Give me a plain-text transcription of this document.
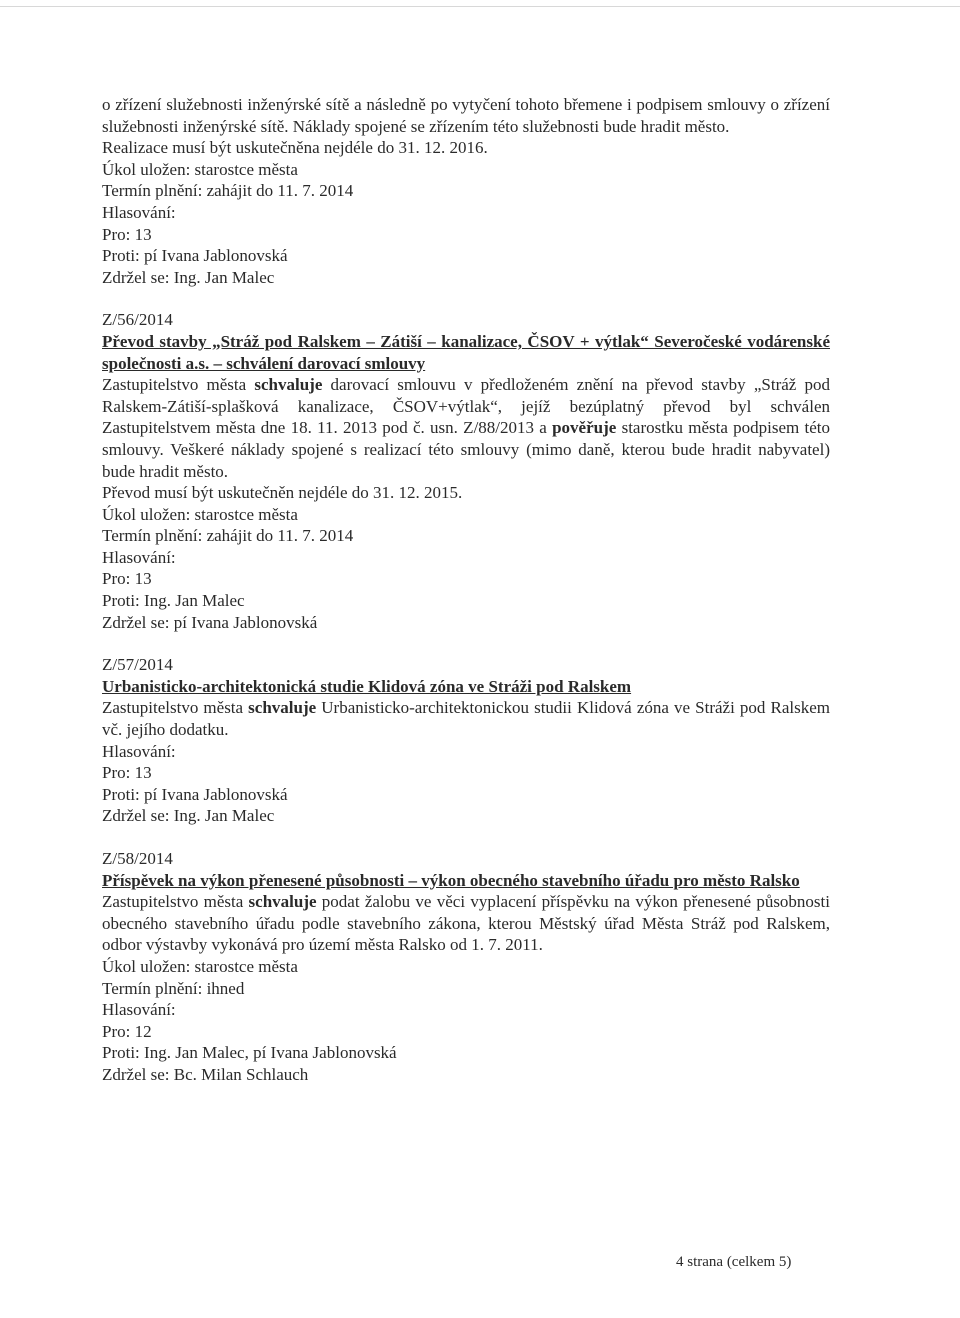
o zřízení služebnosti inženýrské sítě a následně po vytyčení tohoto břemene i podpisem smlouvy o zřízení služebnosti inženýrské sítě. Náklady spojené se zřízením této služebnosti bude hradit město.
Realizace musí být uskutečněna nejdéle do 31. 12. 2016.
Úkol uložen: starostce města
Termín plnění: zahájit do 11. 7. 2014
Hlasování:
Pro: 13
Proti: pí Ivana Jablonovská
Zdržel se: Ing. Jan Malec
Z/56/2014
Převod stavby „Stráž pod Ralskem – Zátiší – kanalizace, ČSOV + výtlak“ Severočeské vodárenské společnosti a.s. – schválení darovací smlouvy
Zastupitelstvo města schvaluje darovací smlouvu v předloženém znění na převod stavby „Stráž pod Ralskem-Zátiší-splašková kanalizace, ČSOV+výtlak“, jejíž bezúplatný převod byl schválen Zastupitelstvem města dne 18. 11. 2013 pod č. usn. Z/88/2013 a pověřuje starostku města podpisem této smlouvy. Veškeré náklady spojené s realizací této smlouvy (mimo daně, kterou bude hradit nabyvatel) bude hradit město.
Převod musí být uskutečněn nejdéle do 31. 12. 2015.
Úkol uložen: starostce města
Termín plnění: zahájit do 11. 7. 2014
Hlasování:
Pro: 13
Proti: Ing. Jan Malec
Zdržel se: pí Ivana Jablonovská
Z/57/2014
Urbanisticko-architektonická studie Klidová zóna ve Stráži pod Ralskem
Zastupitelstvo města schvaluje Urbanisticko-architektonickou studii Klidová zóna ve Stráži pod Ralskem vč. jejího dodatku.
Hlasování:
Pro: 13
Proti: pí Ivana Jablonovská
Zdržel se: Ing. Jan Malec
Z/58/2014
Příspěvek na výkon přenesené působnosti – výkon obecného stavebního úřadu pro město Ralsko
Zastupitelstvo města schvaluje podat žalobu ve věci vyplacení příspěvku na výkon přenesené působnosti obecného stavebního úřadu podle stavebního zákona, kterou Městský úřad Města Stráž pod Ralskem, odbor výstavby vykonává pro území města Ralsko od 1. 7. 2011.
Úkol uložen: starostce města
Termín plnění: ihned
Hlasování:
Pro: 12
Proti: Ing. Jan Malec, pí Ivana Jablonovská
Zdržel se: Bc. Milan Schlauch
4 strana (celkem 5)
